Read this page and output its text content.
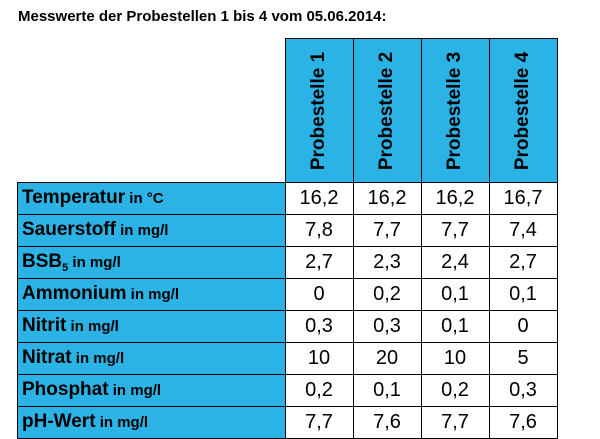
Messwerte der Probestellen 1 bis 4 vom 05.06.2014:

	Probestelle 1	Probestelle 2	Probestelle 3	Probestelle 4

Temperatur in °C	16,2	16,2	16,2	16,7
Sauerstoff in mg/l	7,8	7,7	7,7	7,4
$BSB_5$ in mg/l	2,7	2,3	2,4	2,7
Ammonium in mg/l	0	0,2	0,1	0,1
Nitrit in mg/l	0,3	0,3	0,1	0
Nitrat in mg/l	10	20	10	5
Phosphat in mg/l	0,2	0,1	0,2	0,3
pH-Wert in mg/l	7,7	7,6	7,7	7,6
